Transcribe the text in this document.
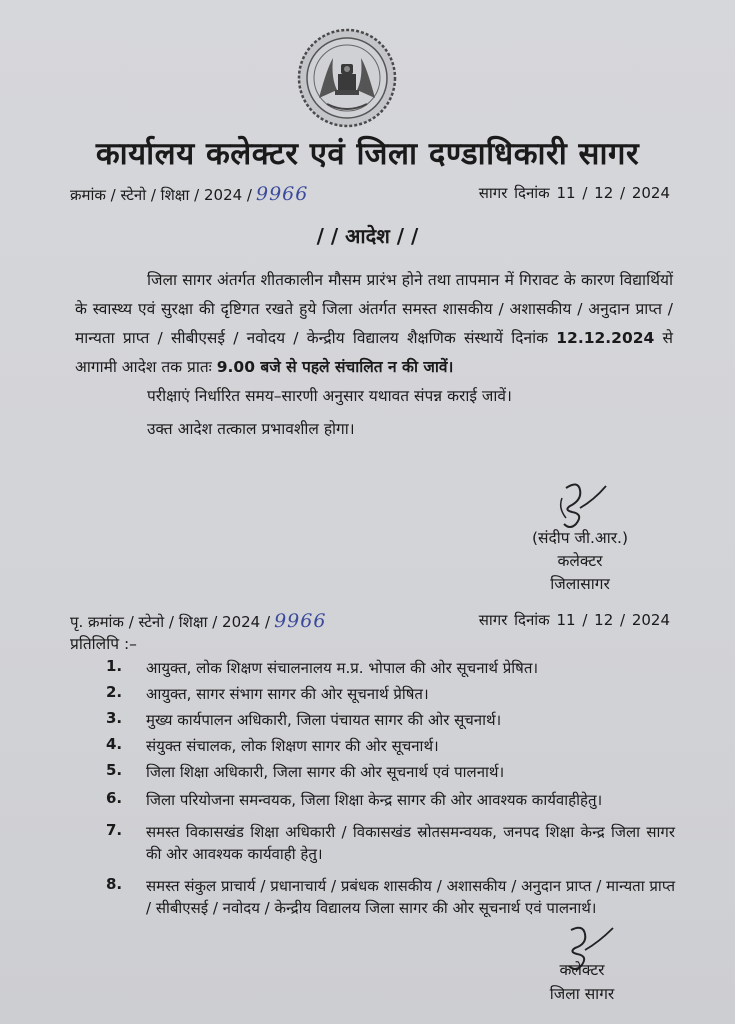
कार्यालय कलेक्टर एवं जिला दण्डाधिकारी सागर
क्रमांक / स्टेनो / शिक्षा / 2024 / 9966	सागर दिनांक 11 / 12 / 2024
/ / आदेश / /

जिला सागर अंतर्गत शीतकालीन मौसम प्रारंभ होने तथा तापमान में गिरावट के कारण विद्यार्थियों के स्वास्थ्य एवं सुरक्षा की दृष्टिगत रखते हुये जिला अंतर्गत समस्त शासकीय / अशासकीय / अनुदान प्राप्त / मान्यता प्राप्त / सीबीएसई / नवोदय / केन्द्रीय विद्यालय शैक्षणिक संस्थायें दिनांक 12.12.2024 से आगामी आदेश तक प्रातः 9.00 बजे से पहले संचालित न की जावें।

परीक्षाएं निर्धारित समय–सारणी अनुसार यथावत संपन्न कराई जावें।

उक्त आदेश तत्काल प्रभावशील होगा।

(संदीप जी.आर.)
कलेक्टर
जिलासागर
पृ. क्रमांक / स्टेनो / शिक्षा / 2024 / 9966	सागर दिनांक 11 / 12 / 2024
प्रतिलिपि :–
1.	आयुक्त, लोक शिक्षण संचालनालय म.प्र. भोपाल की ओर सूचनार्थ प्रेषित।
2.	आयुक्त, सागर संभाग सागर की ओर सूचनार्थ प्रेषित।
3.	मुख्य कार्यपालन अधिकारी, जिला पंचायत सागर की ओर सूचनार्थ।
4.	संयुक्त संचालक, लोक शिक्षण सागर की ओर सूचनार्थ।
5.	जिला शिक्षा अधिकारी, जिला सागर की ओर सूचनार्थ एवं पालनार्थ।
6.	जिला परियोजना समन्वयक, जिला शिक्षा केन्द्र सागर की ओर आवश्यक कार्यवाहीहेतु।
7.	समस्त विकासखंड शिक्षा अधिकारी / विकासखंड स्रोतसमन्वयक, जनपद शिक्षा केन्द्र जिला सागर की ओर आवश्यक कार्यवाही हेतु।
8.	समस्त संकुल प्राचार्य / प्रधानाचार्य / प्रबंधक शासकीय / अशासकीय / अनुदान प्राप्त / मान्यता प्राप्त / सीबीएसई / नवोदय / केन्द्रीय विद्यालय जिला सागर की ओर सूचनार्थ एवं पालनार्थ।
कलेक्टर
जिला सागर
